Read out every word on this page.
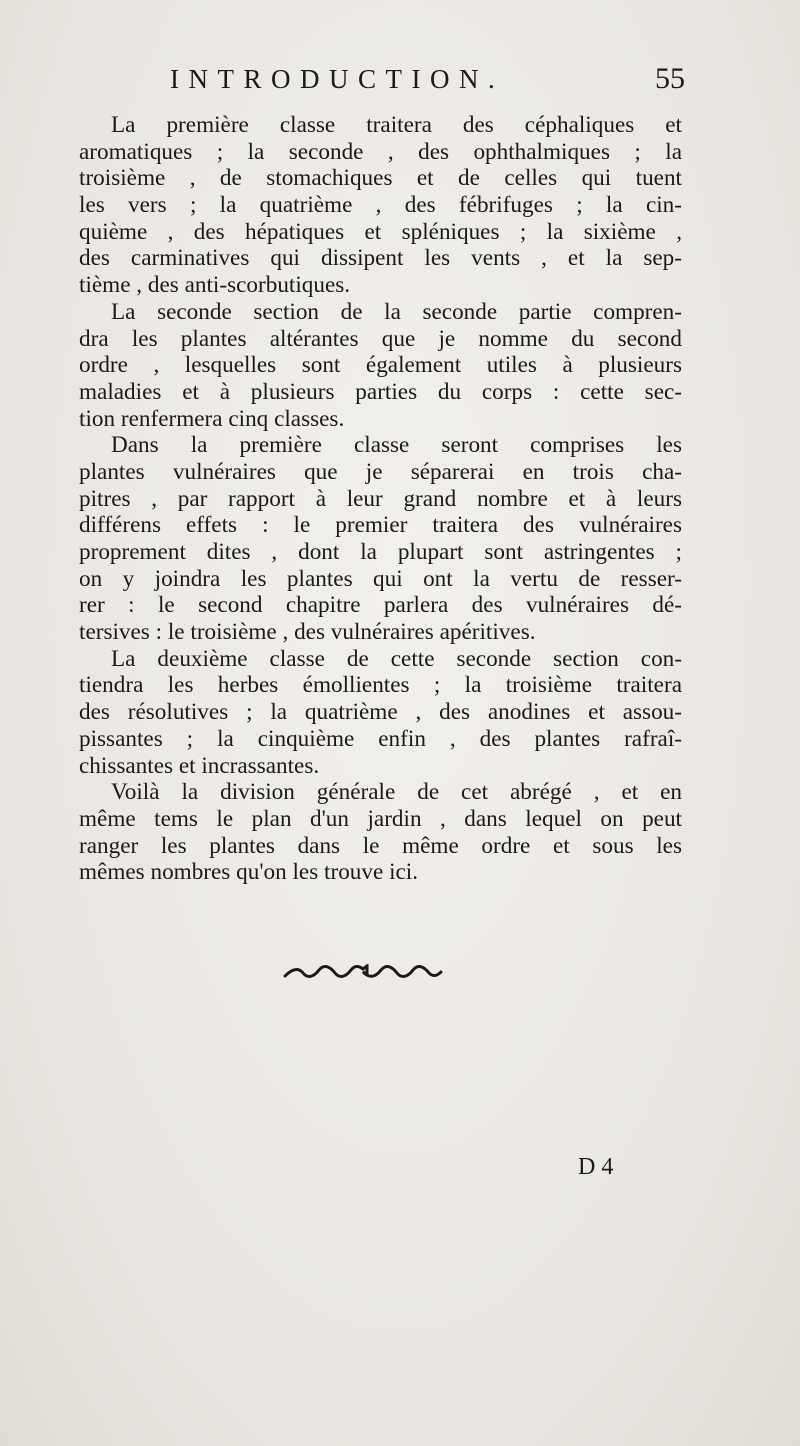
INTRODUCTION.	55
La première classe traitera des céphaliques et
aromatiques ; la seconde , des ophthalmiques ; la
troisième , de stomachiques et de celles qui tuent
les vers ; la quatrième , des fébrifuges ; la cin-
quième , des hépatiques et spléniques ; la sixième ,
des carminatives qui dissipent les vents , et la sep-
tième , des anti-scorbutiques.
La seconde section de la seconde partie compren-
dra les plantes altérantes que je nomme du second
ordre , lesquelles sont également utiles à plusieurs
maladies et à plusieurs parties du corps : cette sec-
tion renfermera cinq classes.
Dans la première classe seront comprises les
plantes vulnéraires que je séparerai en trois cha-
pitres , par rapport à leur grand nombre et à leurs
différens effets : le premier traitera des vulnéraires
proprement dites , dont la plupart sont astringentes ;
on y joindra les plantes qui ont la vertu de resser-
rer : le second chapitre parlera des vulnéraires dé-
tersives : le troisième , des vulnéraires apéritives.
La deuxième classe de cette seconde section con-
tiendra les herbes émollientes ; la troisième traitera
des résolutives ; la quatrième , des anodines et assou-
pissantes ; la cinquième enfin , des plantes rafraî-
chissantes et incrassantes.
Voilà la division générale de cet abrégé , et en
même tems le plan d'un jardin , dans lequel on peut
ranger les plantes dans le même ordre et sous les
mêmes nombres qu'on les trouve ici.
D 4
